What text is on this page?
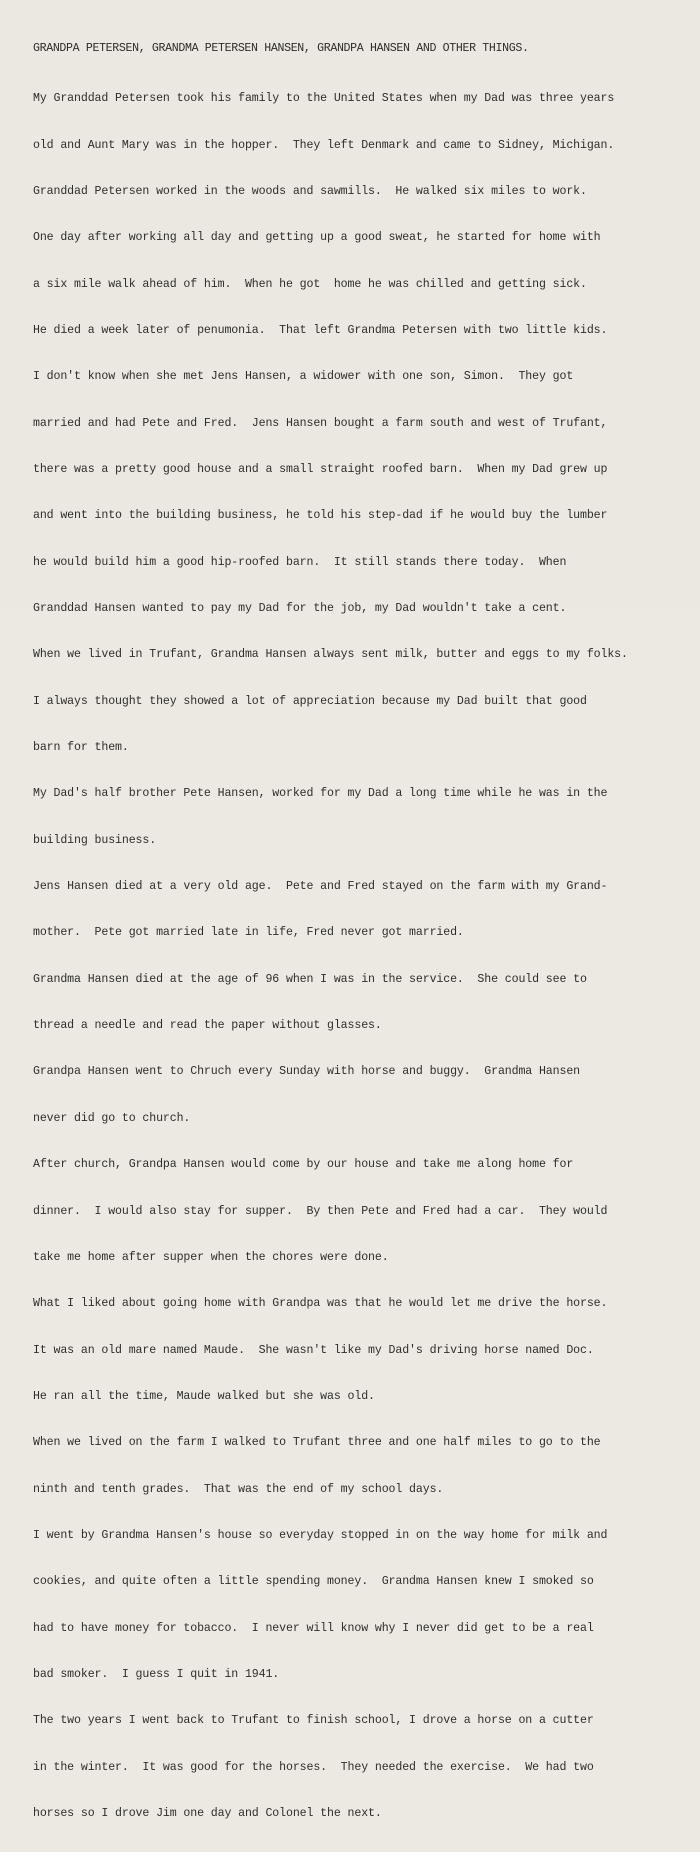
GRANDPA PETERSEN, GRANDMA PETERSEN HANSEN, GRANDPA HANSEN AND OTHER THINGS.

My Granddad Petersen took his family to the United States when my Dad was three years

old and Aunt Mary was in the hopper.  They left Denmark and came to Sidney, Michigan.

Granddad Petersen worked in the woods and sawmills.  He walked six miles to work.

One day after working all day and getting up a good sweat, he started for home with

a six mile walk ahead of him.  When he got  home he was chilled and getting sick.

He died a week later of penumonia.  That left Grandma Petersen with two little kids.

I don't know when she met Jens Hansen, a widower with one son, Simon.  They got

married and had Pete and Fred.  Jens Hansen bought a farm south and west of Trufant,

there was a pretty good house and a small straight roofed barn.  When my Dad grew up

and went into the building business, he told his step-dad if he would buy the lumber

he would build him a good hip-roofed barn.  It still stands there today.  When

Granddad Hansen wanted to pay my Dad for the job, my Dad wouldn't take a cent.

When we lived in Trufant, Grandma Hansen always sent milk, butter and eggs to my folks.

I always thought they showed a lot of appreciation because my Dad built that good

barn for them.

My Dad's half brother Pete Hansen, worked for my Dad a long time while he was in the

building business.

Jens Hansen died at a very old age.  Pete and Fred stayed on the farm with my Grand-

mother.  Pete got married late in life, Fred never got married.

Grandma Hansen died at the age of 96 when I was in the service.  She could see to

thread a needle and read the paper without glasses.

Grandpa Hansen went to Chruch every Sunday with horse and buggy.  Grandma Hansen

never did go to church.

After church, Grandpa Hansen would come by our house and take me along home for

dinner.  I would also stay for supper.  By then Pete and Fred had a car.  They would

take me home after supper when the chores were done.

What I liked about going home with Grandpa was that he would let me drive the horse.

It was an old mare named Maude.  She wasn't like my Dad's driving horse named Doc.

He ran all the time, Maude walked but she was old.

When we lived on the farm I walked to Trufant three and one half miles to go to the

ninth and tenth grades.  That was the end of my school days.

I went by Grandma Hansen's house so everyday stopped in on the way home for milk and

cookies, and quite often a little spending money.  Grandma Hansen knew I smoked so

had to have money for tobacco.  I never will know why I never did get to be a real

bad smoker.  I guess I quit in 1941.

The two years I went back to Trufant to finish school, I drove a horse on a cutter

in the winter.  It was good for the horses.  They needed the exercise.  We had two

horses so I drove Jim one day and Colonel the next.
